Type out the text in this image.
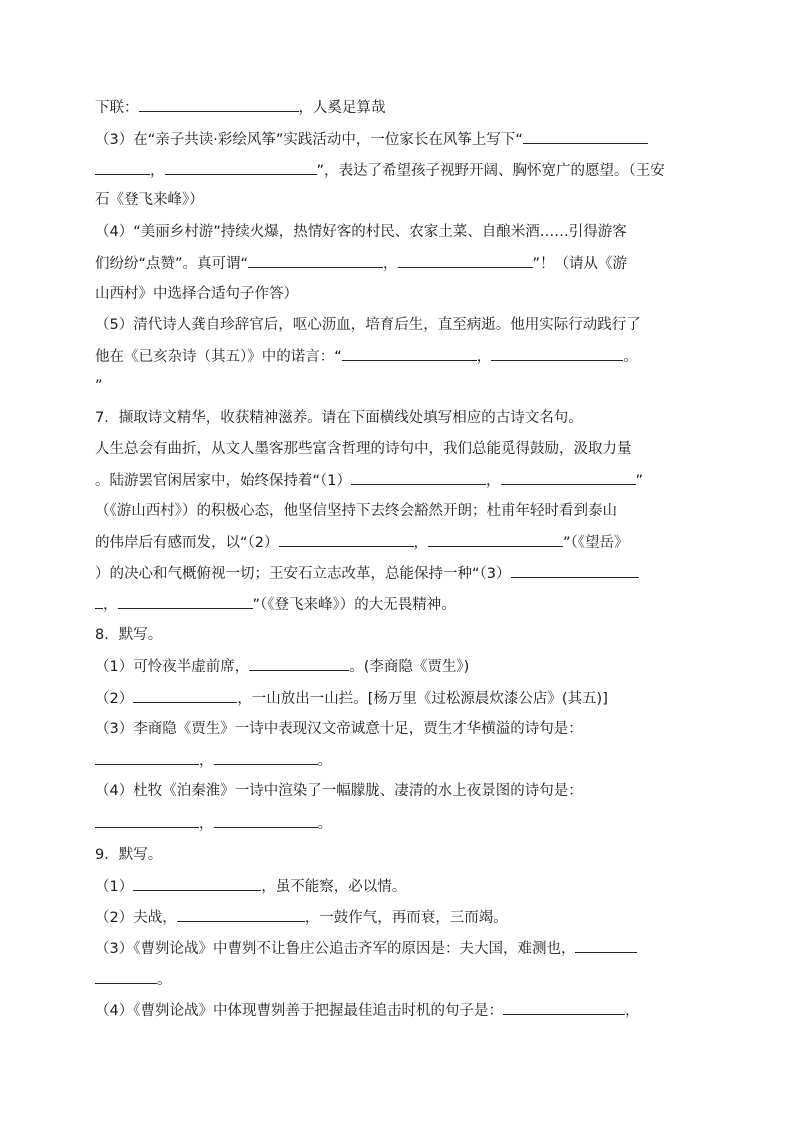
下联：	，人奚足算哉
（3）在“亲子共读·彩绘风筝”实践活动中，一位家长在风筝上写下“
，	”，表达了希望孩子视野开阔、胸怀宽广的愿望。（王安
石《登飞来峰》）
（4）“美丽乡村游”持续火爆，热情好客的村民、农家土菜、自酿米酒……引得游客
们纷纷“点赞”。真可谓“	，	”！（请从《游
山西村》中选择合适句子作答）
（5）清代诗人龚自珍辞官后，呕心沥血，培育后生，直至病逝。他用实际行动践行了
他在《已亥杂诗（其五）》中的诺言：“	，	。
”
7．撷取诗文精华，收获精神滋养。请在下面横线处填写相应的古诗文名句。
人生总会有曲折，从文人墨客那些富含哲理的诗句中，我们总能觅得鼓励，汲取力量
。陆游罢官闲居家中，始终保持着“（1）	，	”
（《游山西村》）的积极心态，他坚信坚持下去终会豁然开朗；杜甫年轻时看到泰山
的伟岸后有感而发，以“（2）	，	”（《望岳》
）的决心和气概俯视一切；王安石立志改革，总能保持一种“（3）
，	”（《登飞来峰》）的大无畏精神。
8．默写。
（1）可怜夜半虚前席，	。(李商隐《贾生》)
（2）	，一山放出一山拦。[杨万里《过松源晨炊漆公店》(其五)]
（3）李商隐《贾生》一诗中表现汉文帝诚意十足，贾生才华横溢的诗句是：
，	。
（4）杜牧《泊秦淮》一诗中渲染了一幅朦胧、凄清的水上夜景图的诗句是：
，	。
9．默写。
（1）	，虽不能察，必以情。
（2）夫战，	，一鼓作气，再而衰，三而竭。
（3）《曹刿论战》中曹刿不让鲁庄公追击齐军的原因是：夫大国，难测也，
。
（4）《曹刿论战》中体现曹刿善于把握最佳追击时机的句子是：	，
